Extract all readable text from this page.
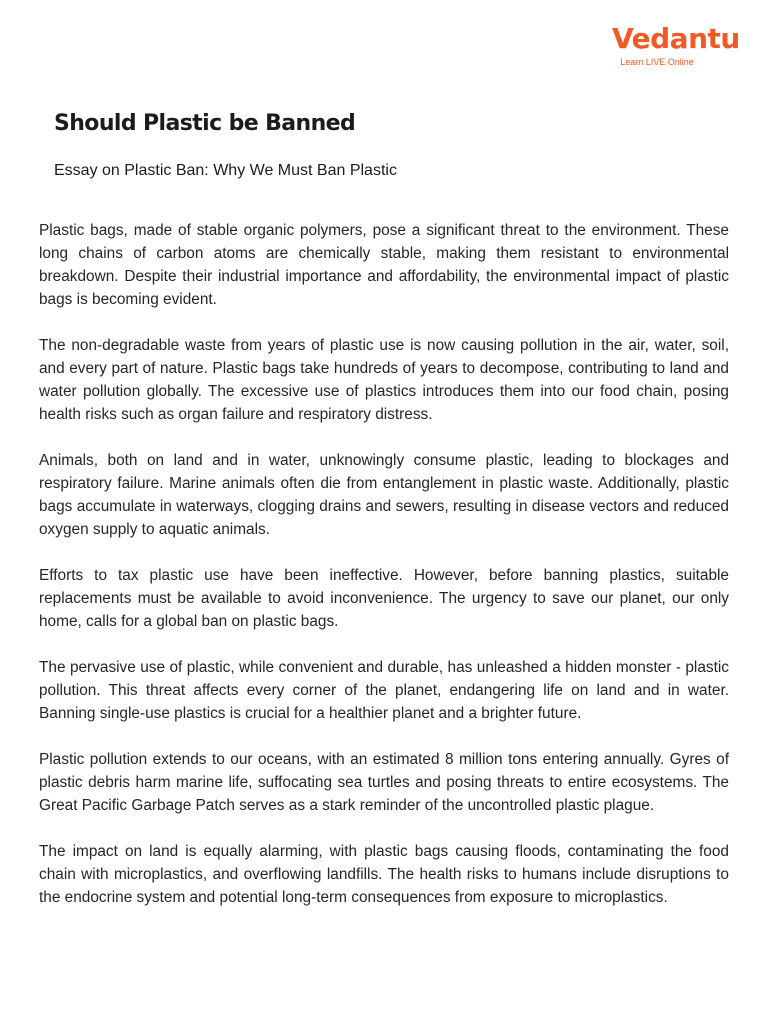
Vedantu
Learn LIVE Online
Should Plastic be Banned
Essay on Plastic Ban: Why We Must Ban Plastic

Plastic bags, made of stable organic polymers, pose a significant threat to the environment. These long chains of carbon atoms are chemically stable, making them resistant to environmental breakdown. Despite their industrial importance and affordability, the environmental impact of plastic bags is becoming evident.

The non-degradable waste from years of plastic use is now causing pollution in the air, water, soil, and every part of nature. Plastic bags take hundreds of years to decompose, contributing to land and water pollution globally. The excessive use of plastics introduces them into our food chain, posing health risks such as organ failure and respiratory distress.

Animals, both on land and in water, unknowingly consume plastic, leading to blockages and respiratory failure. Marine animals often die from entanglement in plastic waste. Additionally, plastic bags accumulate in waterways, clogging drains and sewers, resulting in disease vectors and reduced oxygen supply to aquatic animals.

Efforts to tax plastic use have been ineffective. However, before banning plastics, suitable replacements must be available to avoid inconvenience. The urgency to save our planet, our only home, calls for a global ban on plastic bags.

The pervasive use of plastic, while convenient and durable, has unleashed a hidden monster - plastic pollution. This threat affects every corner of the planet, endangering life on land and in water. Banning single-use plastics is crucial for a healthier planet and a brighter future.

Plastic pollution extends to our oceans, with an estimated 8 million tons entering annually. Gyres of plastic debris harm marine life, suffocating sea turtles and posing threats to entire ecosystems. The Great Pacific Garbage Patch serves as a stark reminder of the uncontrolled plastic plague.

The impact on land is equally alarming, with plastic bags causing floods, contaminating the food chain with microplastics, and overflowing landfills. The health risks to humans include disruptions to the endocrine system and potential long-term consequences from exposure to microplastics.
